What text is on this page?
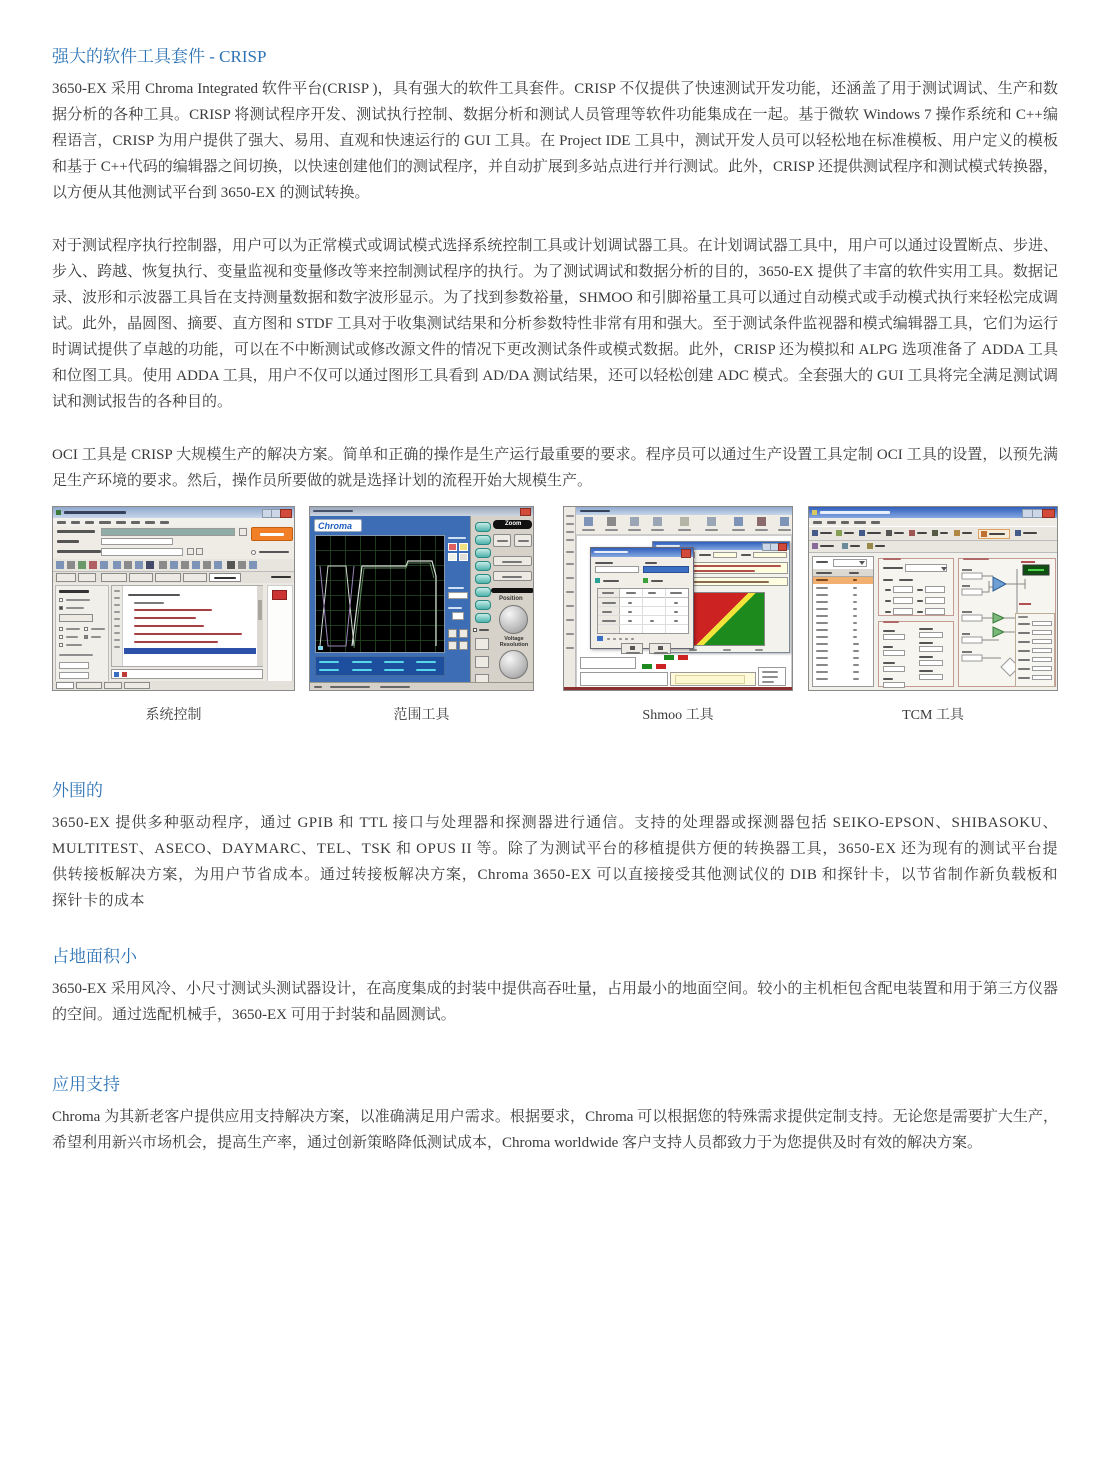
强大的软件工具套件 - CRISP

3650-EX 采用 Chroma Integrated 软件平台(CRISP )，具有强大的软件工具套件。CRISP 不仅提供了快速测试开发功能，还涵盖了用于测试调试、生产和数据分析的各种工具。CRISP 将测试程序开发、测试执行控制、数据分析和测试人员管理等软件功能集成在一起。基于微软 Windows 7 操作系统和 C++编程语言，CRISP 为用户提供了强大、易用、直观和快速运行的 GUI 工具。在 Project IDE 工具中，测试开发人员可以轻松地在标准模板、用户定义的模板和基于 C++代码的编辑器之间切换，以快速创建他们的测试程序，并自动扩展到多站点进行并行测试。此外，CRISP 还提供测试程序和测试模式转换器，以方便从其他测试平台到 3650-EX 的测试转换。

对于测试程序执行控制器，用户可以为正常模式或调试模式选择系统控制工具或计划调试器工具。在计划调试器工具中，用户可以通过设置断点、步进、步入、跨越、恢复执行、变量监视和变量修改等来控制测试程序的执行。为了测试调试和数据分析的目的，3650-EX 提供了丰富的软件实用工具。数据记录、波形和示波器工具旨在支持测量数据和数字波形显示。为了找到参数裕量，SHMOO 和引脚裕量工具可以通过自动模式或手动模式执行来轻松完成调试。此外，晶圆图、摘要、直方图和 STDF 工具对于收集测试结果和分析参数特性非常有用和强大。至于测试条件监视器和模式编辑器工具，它们为运行时调试提供了卓越的功能，可以在不中断测试或修改源文件的情况下更改测试条件或模式数据。此外，CRISP 还为模拟和 ALPG 选项准备了 ADDA 工具和位图工具。使用 ADDA 工具，用户不仅可以通过图形工具看到 AD/DA 测试结果，还可以轻松创建 ADC 模式。全套强大的 GUI 工具将完全满足测试调试和测试报告的各种目的。

OCI 工具是 CRISP 大规模生产的解决方案。简单和正确的操作是生产运行最重要的要求。程序员可以通过生产设置工具定制 OCI 工具的设置，以预先满足生产环境的要求。然后，操作员所要做的就是选择计划的流程开始大规模生产。

系统控制
Chroma	Zoom
Position
Voltage Resolution
范围工具	Shmoo 工具	TCM 工具
外围的

3650-EX 提供多种驱动程序，通过 GPIB 和 TTL 接口与处理器和探测器进行通信。支持的处理器或探测器包括 SEIKO-EPSON、SHIBASOKU、MULTITEST、ASECO、DAYMARC、TEL、TSK 和 OPUS II 等。除了为测试平台的移植提供方便的转换器工具，3650-EX 还为现有的测试平台提供转接板解决方案，为用户节省成本。通过转接板解决方案，Chroma 3650-EX 可以直接接受其他测试仪的 DIB 和探针卡，以节省制作新负载板和探针卡的成本

占地面积小

3650-EX 采用风冷、小尺寸测试头测试器设计，在高度集成的封装中提供高吞吐量，占用最小的地面空间。较小的主机柜包含配电装置和用于第三方仪器的空间。通过选配机械手，3650-EX 可用于封装和晶圆测试。

应用支持

Chroma 为其新老客户提供应用支持解决方案，以准确满足用户需求。根据要求，Chroma 可以根据您的特殊需求提供定制支持。无论您是需要扩大生产，希望利用新兴市场机会，提高生产率，通过创新策略降低测试成本，Chroma worldwide 客户支持人员都致力于为您提供及时有效的解决方案。
